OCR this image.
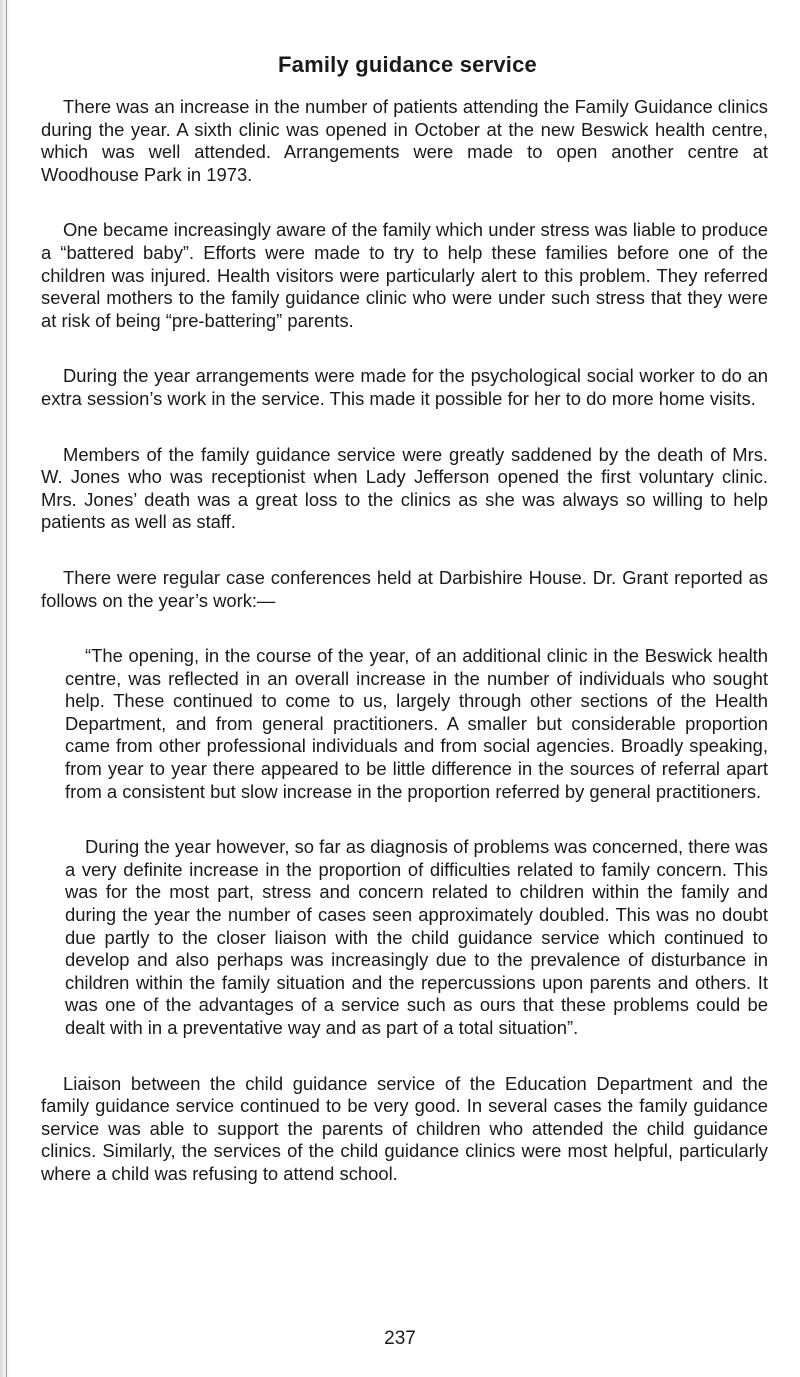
Family guidance service

There was an increase in the number of patients attending the Family Guidance clinics during the year. A sixth clinic was opened in October at the new Beswick health centre, which was well attended. Arrangements were made to open another centre at Woodhouse Park in 1973.

One became increasingly aware of the family which under stress was liable to produce a “battered baby”. Efforts were made to try to help these families before one of the children was injured. Health visitors were particularly alert to this problem. They referred several mothers to the family guidance clinic who were under such stress that they were at risk of being “pre-battering” parents.

During the year arrangements were made for the psychological social worker to do an extra session’s work in the service. This made it possible for her to do more home visits.

Members of the family guidance service were greatly saddened by the death of Mrs. W. Jones who was receptionist when Lady Jefferson opened the first voluntary clinic. Mrs. Jones’ death was a great loss to the clinics as she was always so willing to help patients as well as staff.

There were regular case conferences held at Darbishire House. Dr. Grant reported as follows on the year’s work:—

“The opening, in the course of the year, of an additional clinic in the Beswick health centre, was reflected in an overall increase in the number of individuals who sought help. These continued to come to us, largely through other sections of the Health Department, and from general practitioners. A smaller but considerable proportion came from other professional individuals and from social agencies. Broadly speaking, from year to year there appeared to be little difference in the sources of referral apart from a consistent but slow increase in the proportion referred by general practitioners.

During the year however, so far as diagnosis of problems was concerned, there was a very definite increase in the proportion of difficulties related to family concern. This was for the most part, stress and concern related to children within the family and during the year the number of cases seen approximately doubled. This was no doubt due partly to the closer liaison with the child guidance service which continued to develop and also perhaps was increasingly due to the prevalence of disturbance in children within the family situation and the repercussions upon parents and others. It was one of the advantages of a service such as ours that these problems could be dealt with in a preventative way and as part of a total situation”.

Liaison between the child guidance service of the Education Department and the family guidance service continued to be very good. In several cases the family guidance service was able to support the parents of children who attended the child guidance clinics. Similarly, the services of the child guidance clinics were most helpful, particularly where a child was refusing to attend school.

237
